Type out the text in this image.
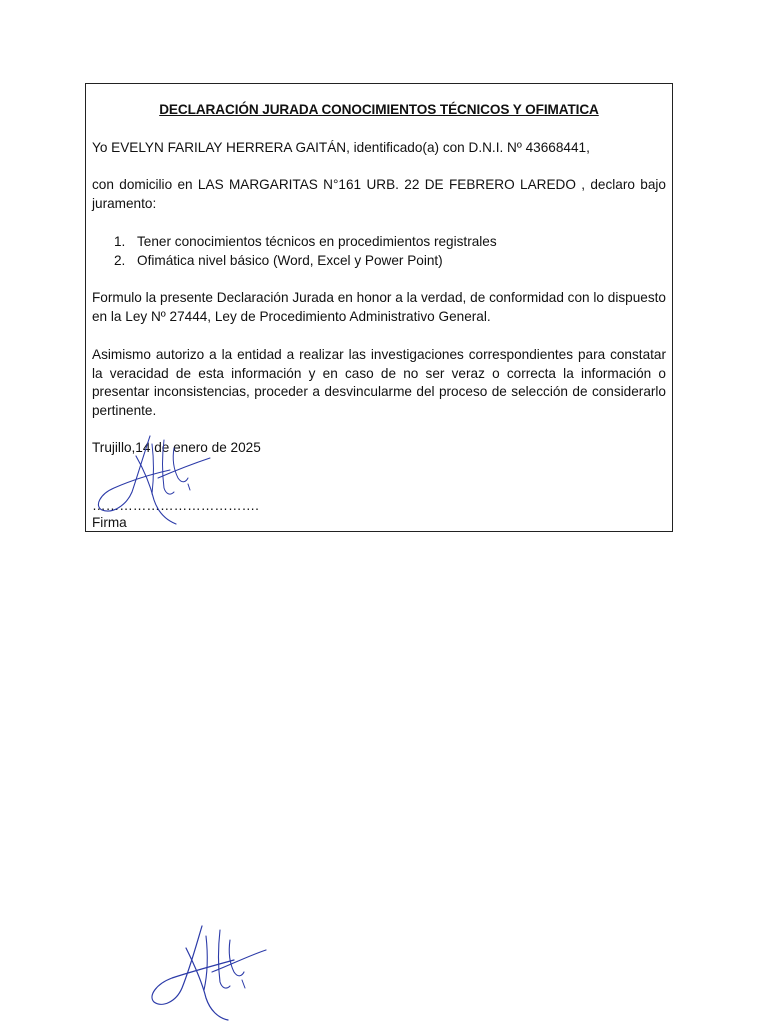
DECLARACIÓN JURADA CONOCIMIENTOS TÉCNICOS Y OFIMATICA

Yo EVELYN FARILAY HERRERA GAITÁN, identificado(a) con D.N.I. Nº 43668441,

con domicilio en LAS MARGARITAS N°161 URB. 22 DE FEBRERO LAREDO , declaro bajo juramento:

1. Tener conocimientos técnicos en procedimientos registrales
2. Ofimática nivel básico (Word, Excel y Power Point)

Formulo la presente Declaración Jurada en honor a la verdad, de conformidad con lo dispuesto en la Ley Nº 27444, Ley de Procedimiento Administrativo General.

Asimismo autorizo a la entidad a realizar las investigaciones correspondientes para constatar la veracidad de esta información y en caso de no ser veraz o correcta la información o presentar inconsistencias, proceder a desvincularme del proceso de selección de considerarlo pertinente.

Trujillo,14 de enero de 2025

……………………………….
Firma
